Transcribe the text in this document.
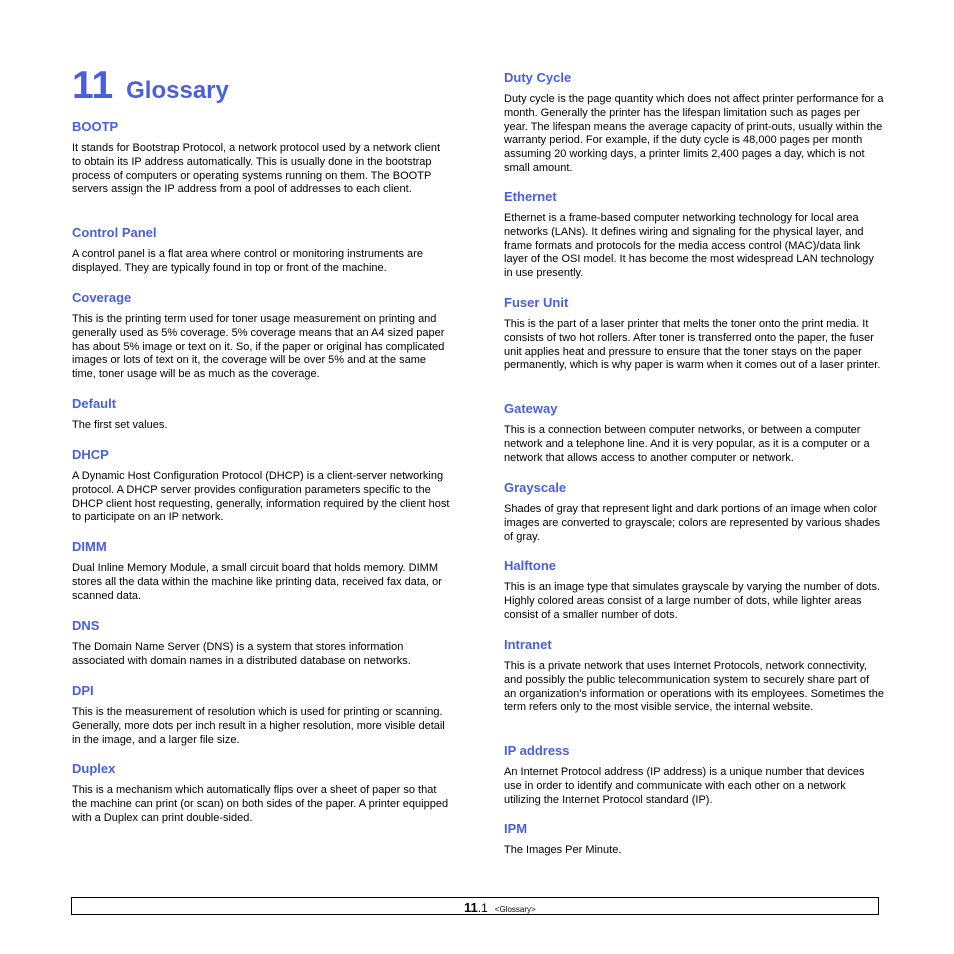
11 Glossary
BOOTP

It stands for Bootstrap Protocol, a network protocol used by a network client to obtain its IP address automatically. This is usually done in the bootstrap process of computers or operating systems running on them. The BOOTP servers assign the IP address from a pool of addresses to each client.

Control Panel

A control panel is a flat area where control or monitoring instruments are displayed. They are typically found in top or front of the machine.

Coverage

This is the printing term used for toner usage measurement on printing and generally used as 5% coverage. 5% coverage means that an A4 sized paper has about 5% image or text on it. So, if the paper or original has complicated images or lots of text on it, the coverage will be over 5% and at the same time, toner usage will be as much as the coverage.

Default

The first set values.

DHCP

A Dynamic Host Configuration Protocol (DHCP) is a client-server networking protocol. A DHCP server provides configuration parameters specific to the DHCP client host requesting, generally, information required by the client host to participate on an IP network.

DIMM

Dual Inline Memory Module, a small circuit board that holds memory. DIMM stores all the data within the machine like printing data, received fax data, or scanned data.

DNS

The Domain Name Server (DNS) is a system that stores information associated with domain names in a distributed database on networks.

DPI

This is the measurement of resolution which is used for printing or scanning. Generally, more dots per inch result in a higher resolution, more visible detail in the image, and a larger file size.

Duplex

This is a mechanism which automatically flips over a sheet of paper so that the machine can print (or scan) on both sides of the paper. A printer equipped with a Duplex can print double-sided.

Duty Cycle

Duty cycle is the page quantity which does not affect printer performance for a month. Generally the printer has the lifespan limitation such as pages per year. The lifespan means the average capacity of print-outs, usually within the warranty period. For example, if the duty cycle is 48,000 pages per month assuming 20 working days, a printer limits 2,400 pages a day, which is not small amount.

Ethernet

Ethernet is a frame-based computer networking technology for local area networks (LANs). It defines wiring and signaling for the physical layer, and frame formats and protocols for the media access control (MAC)/data link layer of the OSI model. It has become the most widespread LAN technology in use presently.

Fuser Unit

This is the part of a laser printer that melts the toner onto the print media. It consists of two hot rollers. After toner is transferred onto the paper, the fuser unit applies heat and pressure to ensure that the toner stays on the paper permanently, which is why paper is warm when it comes out of a laser printer.

Gateway

This is a connection between computer networks, or between a computer network and a telephone line. And it is very popular, as it is a computer or a network that allows access to another computer or network.

Grayscale

Shades of gray that represent light and dark portions of an image when color images are converted to grayscale; colors are represented by various shades of gray.

Halftone

This is an image type that simulates grayscale by varying the number of dots. Highly colored areas consist of a large number of dots, while lighter areas consist of a smaller number of dots.

Intranet

This is a private network that uses Internet Protocols, network connectivity, and possibly the public telecommunication system to securely share part of an organization's information or operations with its employees. Sometimes the term refers only to the most visible service, the internal website.

IP address

An Internet Protocol address (IP address) is a unique number that devices use in order to identify and communicate with each other on a network utilizing the Internet Protocol standard (IP).

IPM

The Images Per Minute.

11.1 <Glossary>
